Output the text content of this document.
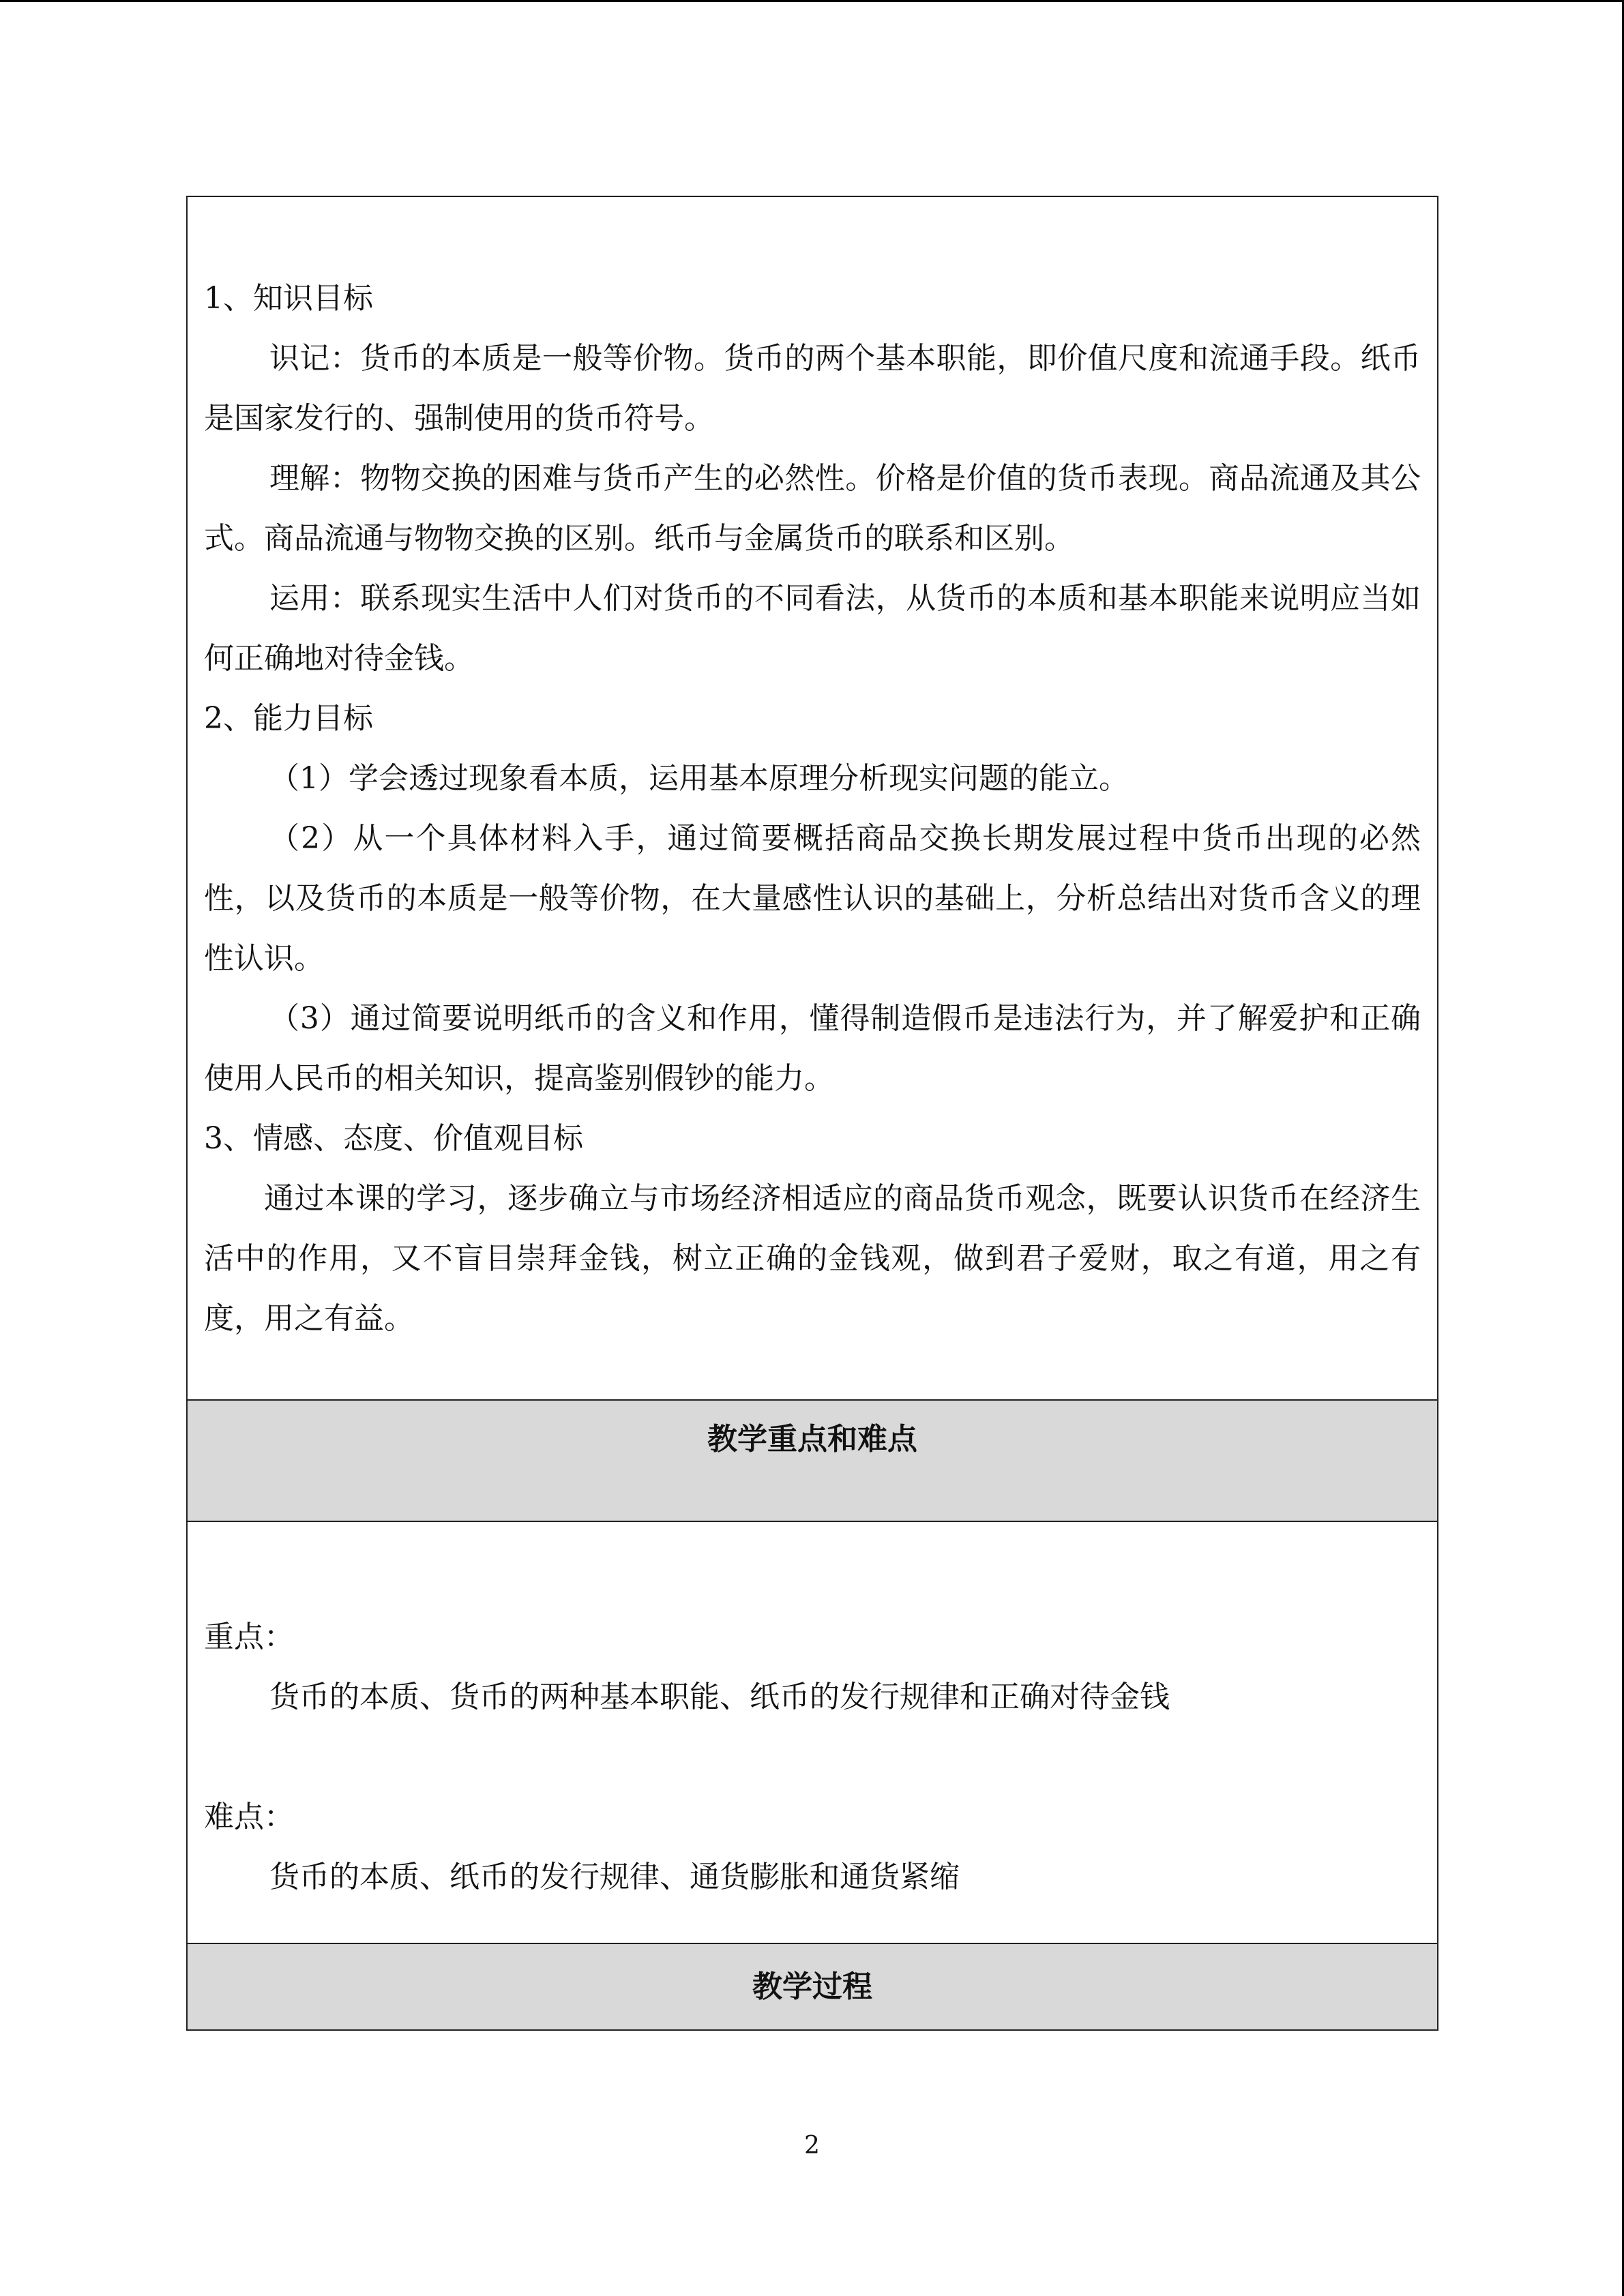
1、知识目标

识记：货币的本质是一般等价物。货币的两个基本职能，即价值尺度和流通手段。纸币是国家发行的、强制使用的货币符号。

理解：物物交换的困难与货币产生的必然性。价格是价值的货币表现。商品流通及其公式。商品流通与物物交换的区别。纸币与金属货币的联系和区别。

运用：联系现实生活中人们对货币的不同看法，从货币的本质和基本职能来说明应当如何正确地对待金钱。

2、能力目标

（1）学会透过现象看本质，运用基本原理分析现实问题的能立。

（2）从一个具体材料入手，通过简要概括商品交换长期发展过程中货币出现的必然性，以及货币的本质是一般等价物，在大量感性认识的基础上，分析总结出对货币含义的理性认识。

（3）通过简要说明纸币的含义和作用，懂得制造假币是违法行为，并了解爱护和正确使用人民币的相关知识，提高鉴别假钞的能力。

3、情感、态度、价值观目标

通过本课的学习，逐步确立与市场经济相适应的商品货币观念，既要认识货币在经济生活中的作用，又不盲目崇拜金钱，树立正确的金钱观，做到君子爱财，取之有道，用之有度，用之有益。

教学重点和难点

重点：

货币的本质、货币的两种基本职能、纸币的发行规律和正确对待金钱

难点：

货币的本质、纸币的发行规律、通货膨胀和通货紧缩

教学过程
2
